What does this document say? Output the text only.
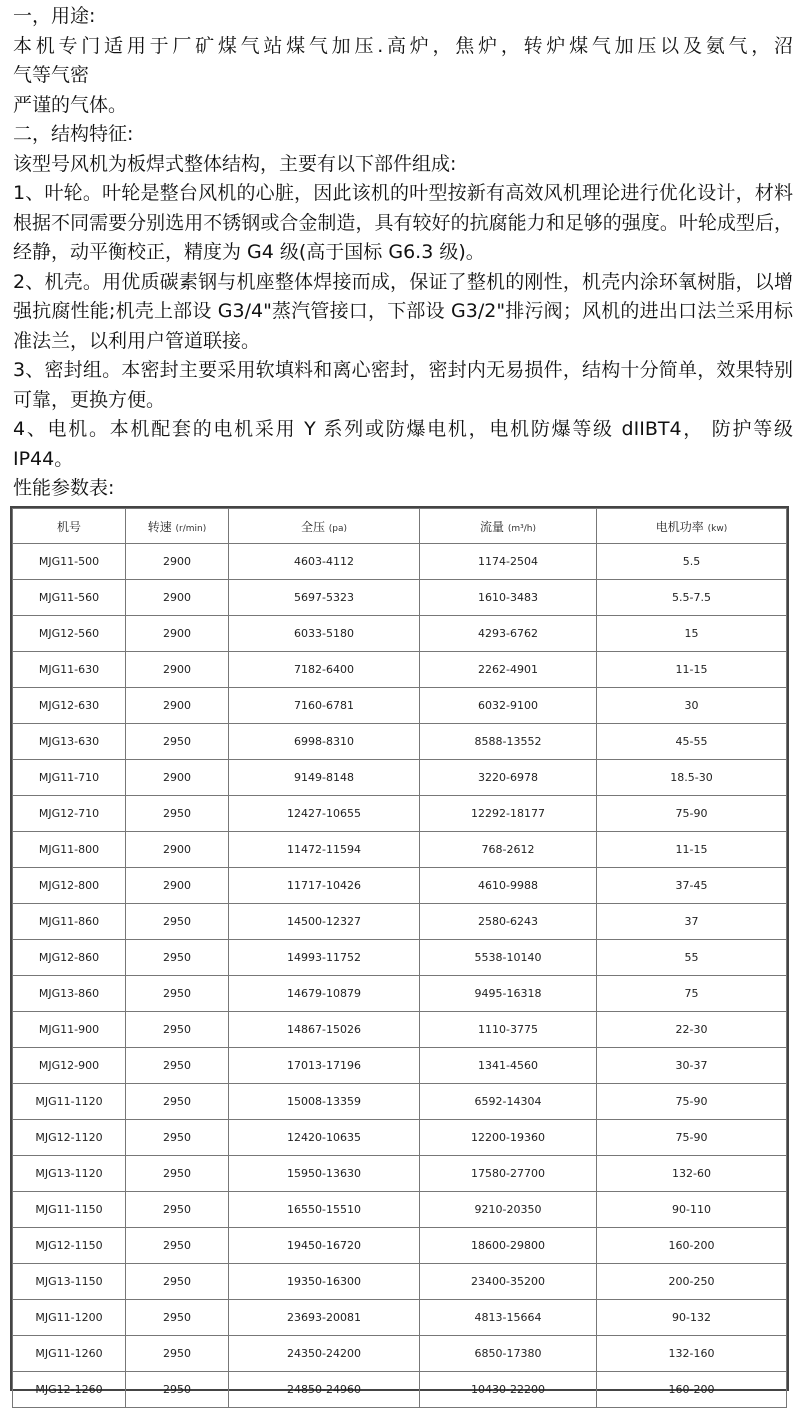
一，用途:

本机专门适用于厂矿煤气站煤气加压.高炉，焦炉，转炉煤气加压以及氨气，沼

气等气密

严谨的气体。

二，结构特征:

该型号风机为板焊式整体结构，主要有以下部件组成:

1、叶轮。叶轮是整台风机的心脏，因此该机的叶型按新有高效风机理论进行优化设计，材料根据不同需要分别选用不锈钢或合金制造，具有较好的抗腐能力和足够的强度。叶轮成型后，经静，动平衡校正，精度为 G4 级(高于国标 G6.3 级)。

2、机壳。用优质碳素钢与机座整体焊接而成，保证了整机的刚性，机壳内涂环氧树脂，以增强抗腐性能;机壳上部设 G3/4"蒸汽管接口，下部设 G3/2"排污阀；风机的进出口法兰采用标准法兰，以利用户管道联接。

3、密封组。本密封主要采用软填料和离心密封，密封内无易损件，结构十分简单，效果特别可靠，更换方便。

4、电机。本机配套的电机采用 Y 系列或防爆电机，电机防爆等级 dIIBT4， 防护等级 IP44。

性能参数表:

机号	转速 (r/min)	全压 (pa)	流量 (m³/h)	电机功率 (kw)
MJG11-500	2900	4603-4112	1174-2504	5.5
MJG11-560	2900	5697-5323	1610-3483	5.5-7.5
MJG12-560	2900	6033-5180	4293-6762	15
MJG11-630	2900	7182-6400	2262-4901	11-15
MJG12-630	2900	7160-6781	6032-9100	30
MJG13-630	2950	6998-8310	8588-13552	45-55
MJG11-710	2900	9149-8148	3220-6978	18.5-30
MJG12-710	2950	12427-10655	12292-18177	75-90
MJG11-800	2900	11472-11594	768-2612	11-15
MJG12-800	2900	11717-10426	4610-9988	37-45
MJG11-860	2950	14500-12327	2580-6243	37
MJG12-860	2950	14993-11752	5538-10140	55
MJG13-860	2950	14679-10879	9495-16318	75
MJG11-900	2950	14867-15026	1110-3775	22-30
MJG12-900	2950	17013-17196	1341-4560	30-37
MJG11-1120	2950	15008-13359	6592-14304	75-90
MJG12-1120	2950	12420-10635	12200-19360	75-90
MJG13-1120	2950	15950-13630	17580-27700	132-60
MJG11-1150	2950	16550-15510	9210-20350	90-110
MJG12-1150	2950	19450-16720	18600-29800	160-200
MJG13-1150	2950	19350-16300	23400-35200	200-250
MJG11-1200	2950	23693-20081	4813-15664	90-132
MJG11-1260	2950	24350-24200	6850-17380	132-160
MJG12-1260	2950	24850-24960	10430-22200	160-200
